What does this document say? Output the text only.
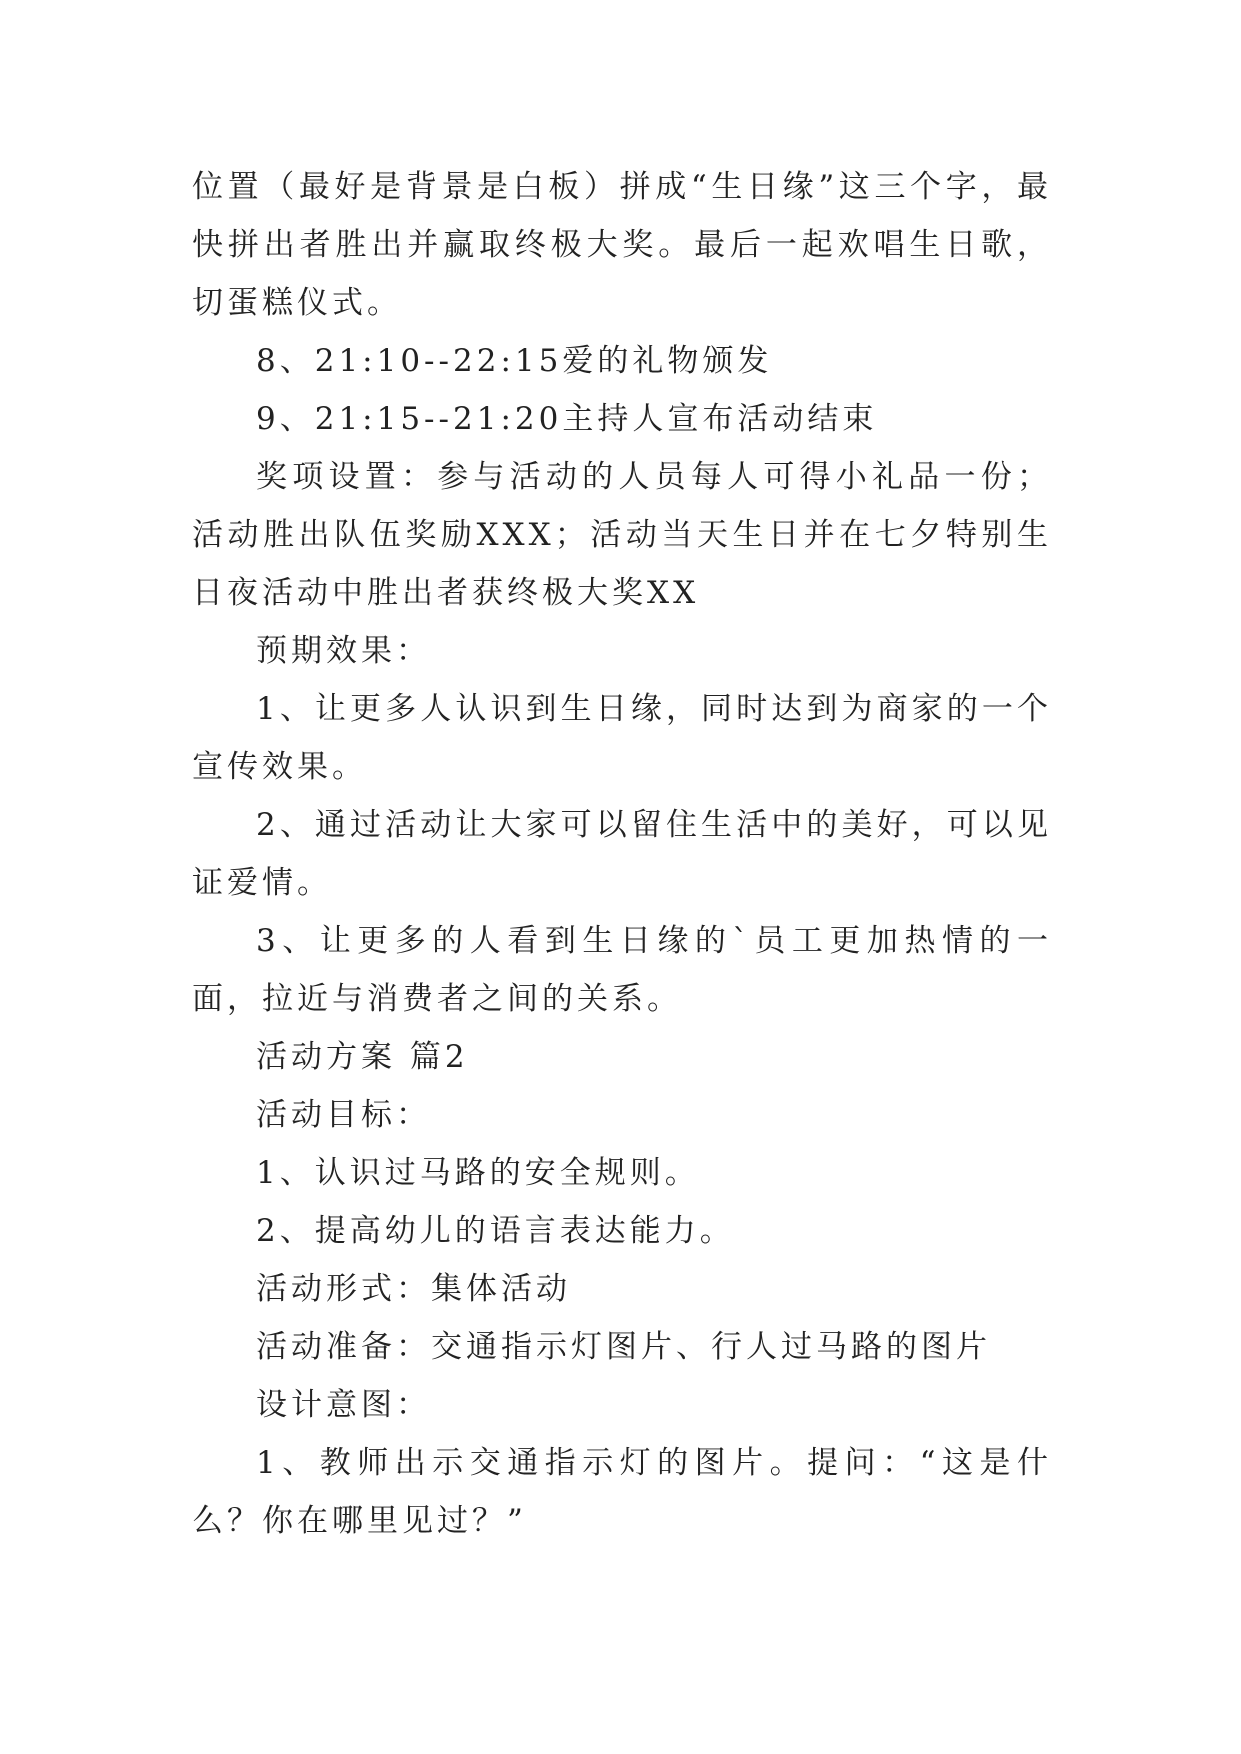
位置（最好是背景是白板）拼成“生日缘”这三个字，最快拼出者胜出并赢取终极大奖。最后一起欢唱生日歌，切蛋糕仪式。

8、21:10--22:15爱的礼物颁发

9、21:15--21:20主持人宣布活动结束

奖项设置：参与活动的人员每人可得小礼品一份；活动胜出队伍奖励XXX；活动当天生日并在七夕特别生日夜活动中胜出者获终极大奖XX

预期效果：

1、让更多人认识到生日缘，同时达到为商家的一个宣传效果。

2、通过活动让大家可以留住生活中的美好，可以见证爱情。

3、让更多的人看到生日缘的`员工更加热情的一面，拉近与消费者之间的关系。

活动方案 篇2

活动目标：

1、认识过马路的安全规则。

2、提高幼儿的语言表达能力。

活动形式：集体活动

活动准备：交通指示灯图片、行人过马路的图片

设计意图：

1、教师出示交通指示灯的图片。提问：“这是什么？你在哪里见过？”
